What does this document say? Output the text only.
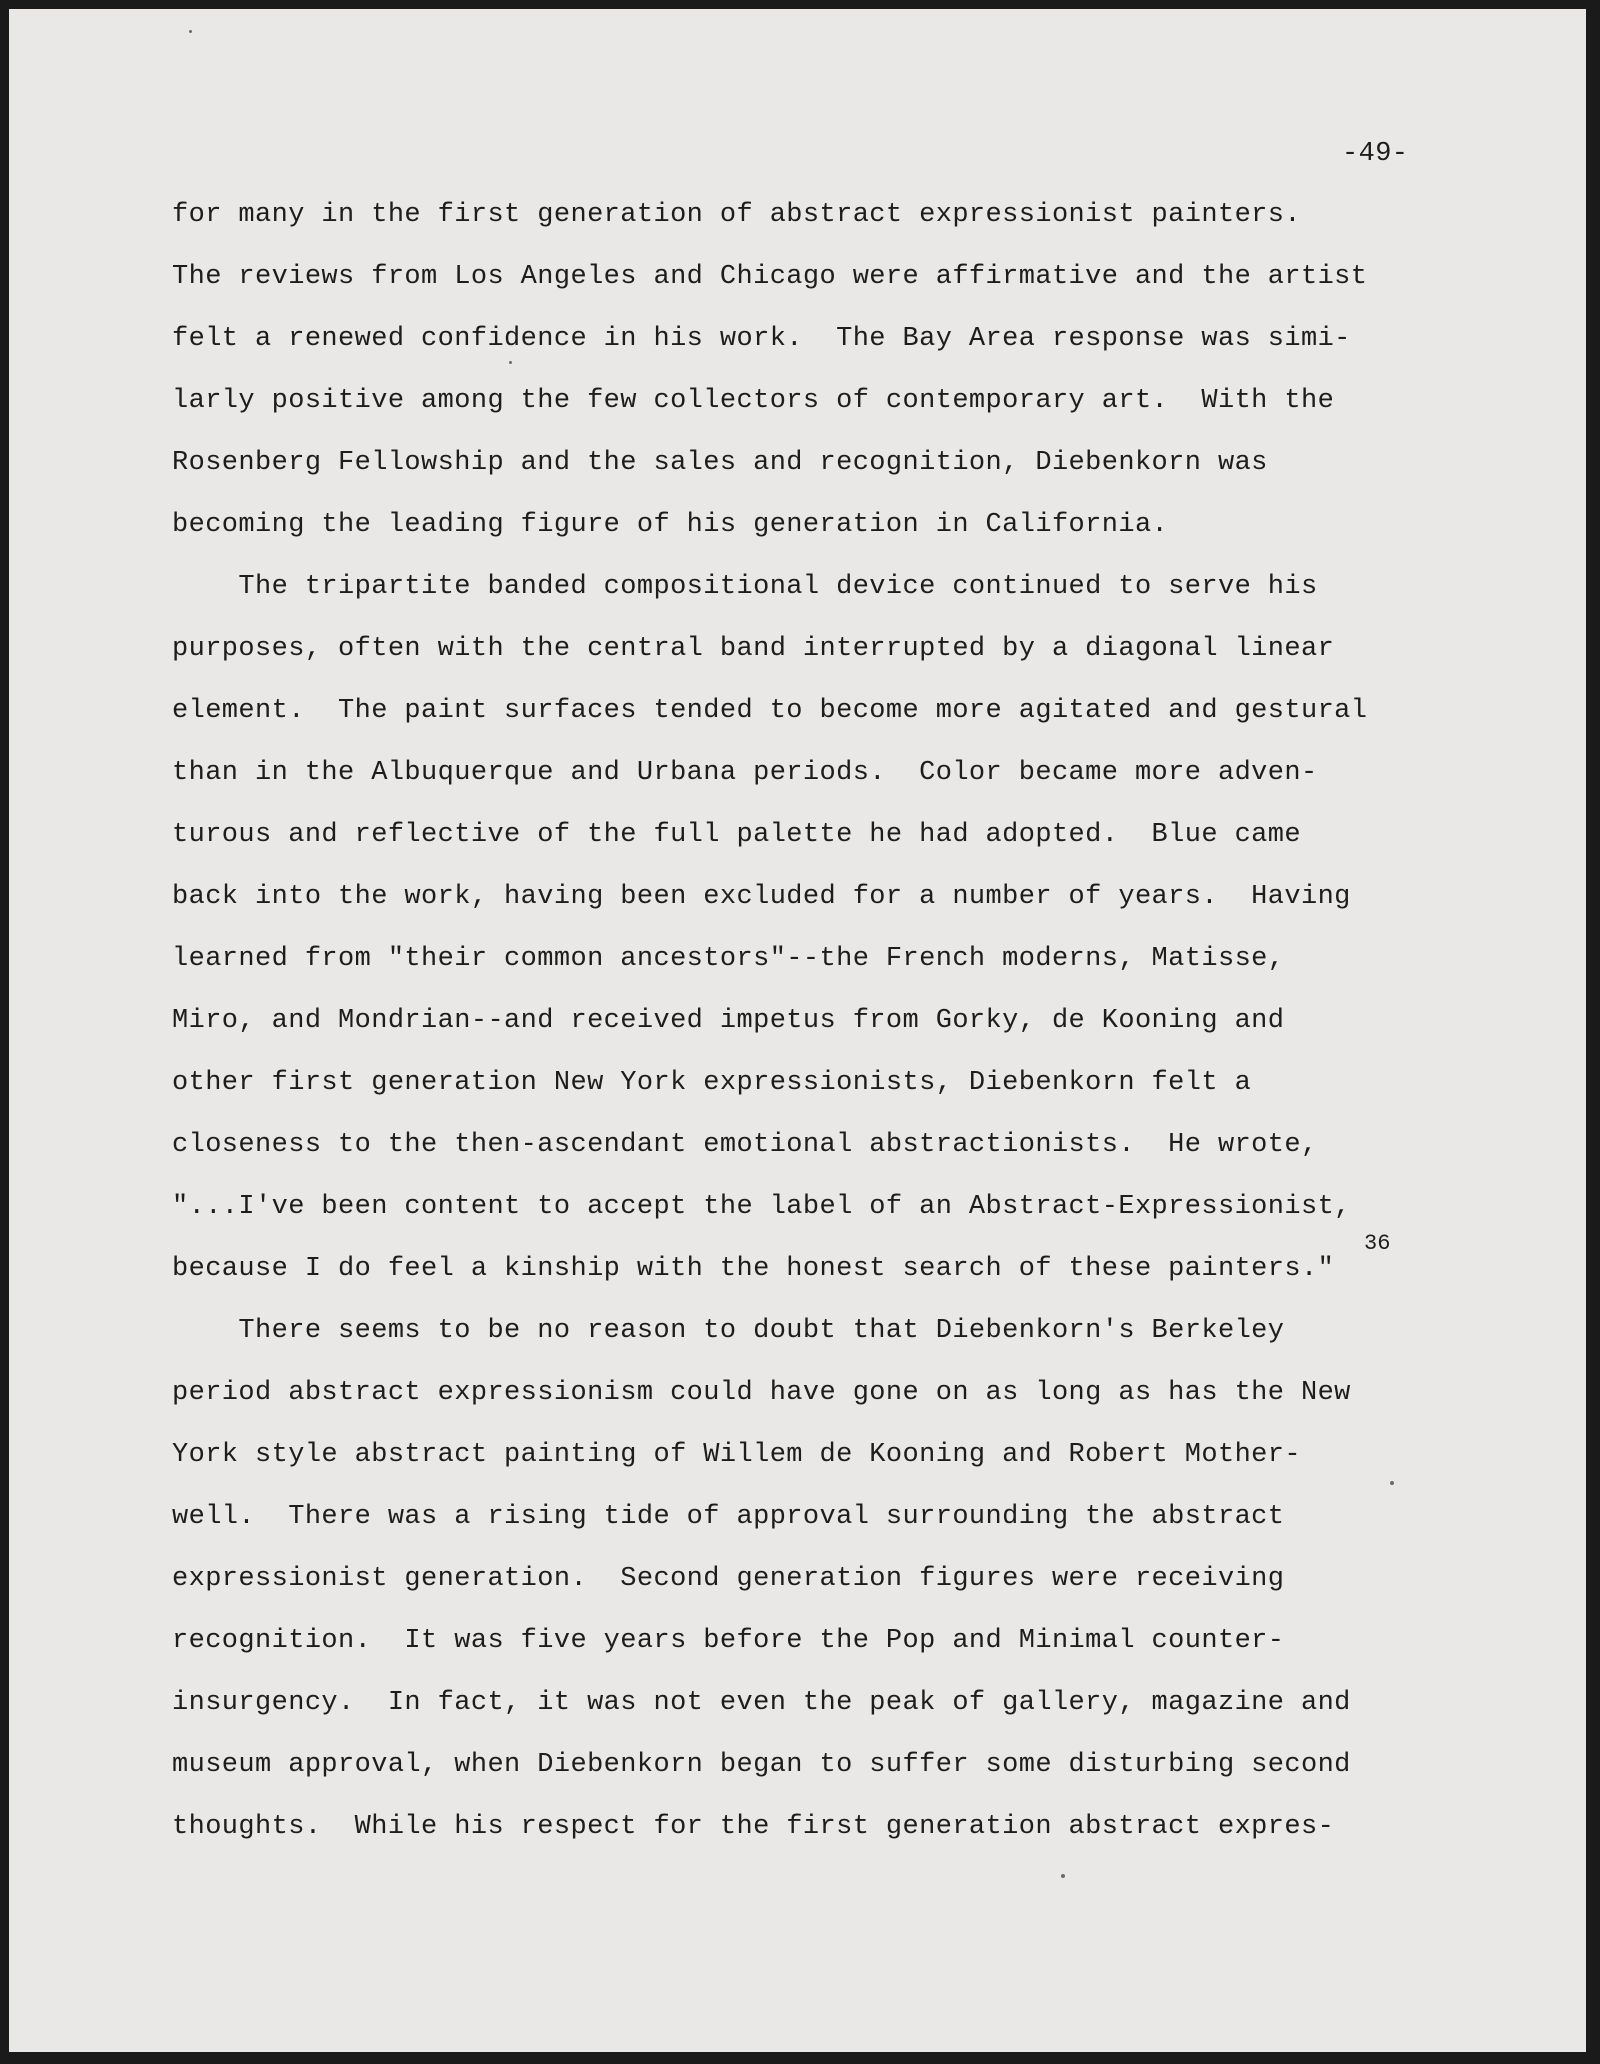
-49-
36
for many in the first generation of abstract expressionist painters.
The reviews from Los Angeles and Chicago were affirmative and the artist
felt a renewed confidence in his work.  The Bay Area response was simi-
larly positive among the few collectors of contemporary art.  With the
Rosenberg Fellowship and the sales and recognition, Diebenkorn was
becoming the leading figure of his generation in California.
The tripartite banded compositional device continued to serve his
purposes, often with the central band interrupted by a diagonal linear
element.  The paint surfaces tended to become more agitated and gestural
than in the Albuquerque and Urbana periods.  Color became more adven-
turous and reflective of the full palette he had adopted.  Blue came
back into the work, having been excluded for a number of years.  Having
learned from "their common ancestors"--the French moderns, Matisse,
Miro, and Mondrian--and received impetus from Gorky, de Kooning and
other first generation New York expressionists, Diebenkorn felt a
closeness to the then-ascendant emotional abstractionists.  He wrote,
"...I've been content to accept the label of an Abstract-Expressionist,
because I do feel a kinship with the honest search of these painters."
There seems to be no reason to doubt that Diebenkorn's Berkeley
period abstract expressionism could have gone on as long as has the New
York style abstract painting of Willem de Kooning and Robert Mother-
well.  There was a rising tide of approval surrounding the abstract
expressionist generation.  Second generation figures were receiving
recognition.  It was five years before the Pop and Minimal counter-
insurgency.  In fact, it was not even the peak of gallery, magazine and
museum approval, when Diebenkorn began to suffer some disturbing second
thoughts.  While his respect for the first generation abstract expres-
